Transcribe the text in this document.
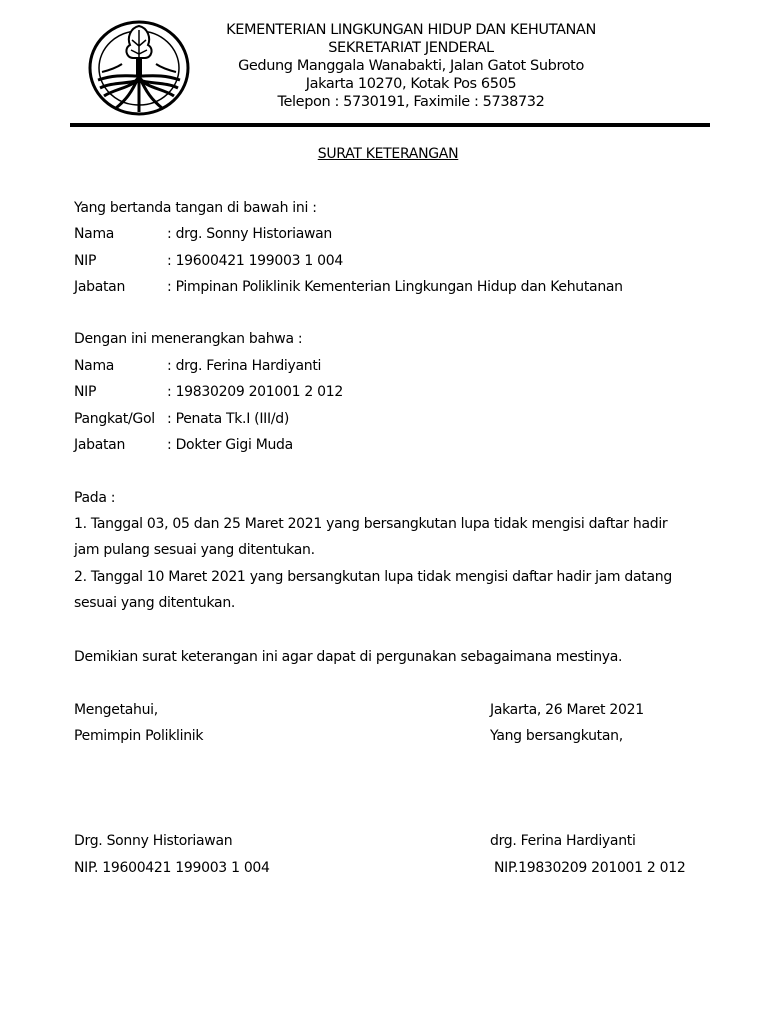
KEMENTERIAN LINGKUNGAN HIDUP DAN KEHUTANAN
SEKRETARIAT JENDERAL
Gedung Manggala Wanabakti, Jalan Gatot Subroto
Jakarta 10270, Kotak Pos 6505
Telepon : 5730191, Faximile : 5738732
SURAT KETERANGAN
Yang bertanda tangan di bawah ini :
Nama	: drg. Sonny Historiawan
NIP	: 19600421 199003 1 004
Jabatan	: Pimpinan Poliklinik Kementerian Lingkungan Hidup dan Kehutanan
Dengan ini menerangkan bahwa :
Nama	: drg. Ferina Hardiyanti
NIP	: 19830209 201001 2 012
Pangkat/Gol : Penata Tk.I (III/d)
Jabatan	: Dokter Gigi Muda
Pada :
1. Tanggal 03, 05 dan 25 Maret 2021 yang bersangkutan lupa tidak mengisi daftar hadir
jam pulang sesuai yang ditentukan.
2. Tanggal 10 Maret 2021 yang bersangkutan lupa tidak mengisi daftar hadir jam datang
sesuai yang ditentukan.
Demikian surat keterangan ini agar dapat di pergunakan sebagaimana mestinya.
Mengetahui,
Pemimpin Poliklinik
Drg. Sonny Historiawan
NIP. 19600421 199003 1 004
Jakarta, 26 Maret 2021
Yang bersangkutan,
drg. Ferina Hardiyanti
NIP.19830209 201001 2 012
